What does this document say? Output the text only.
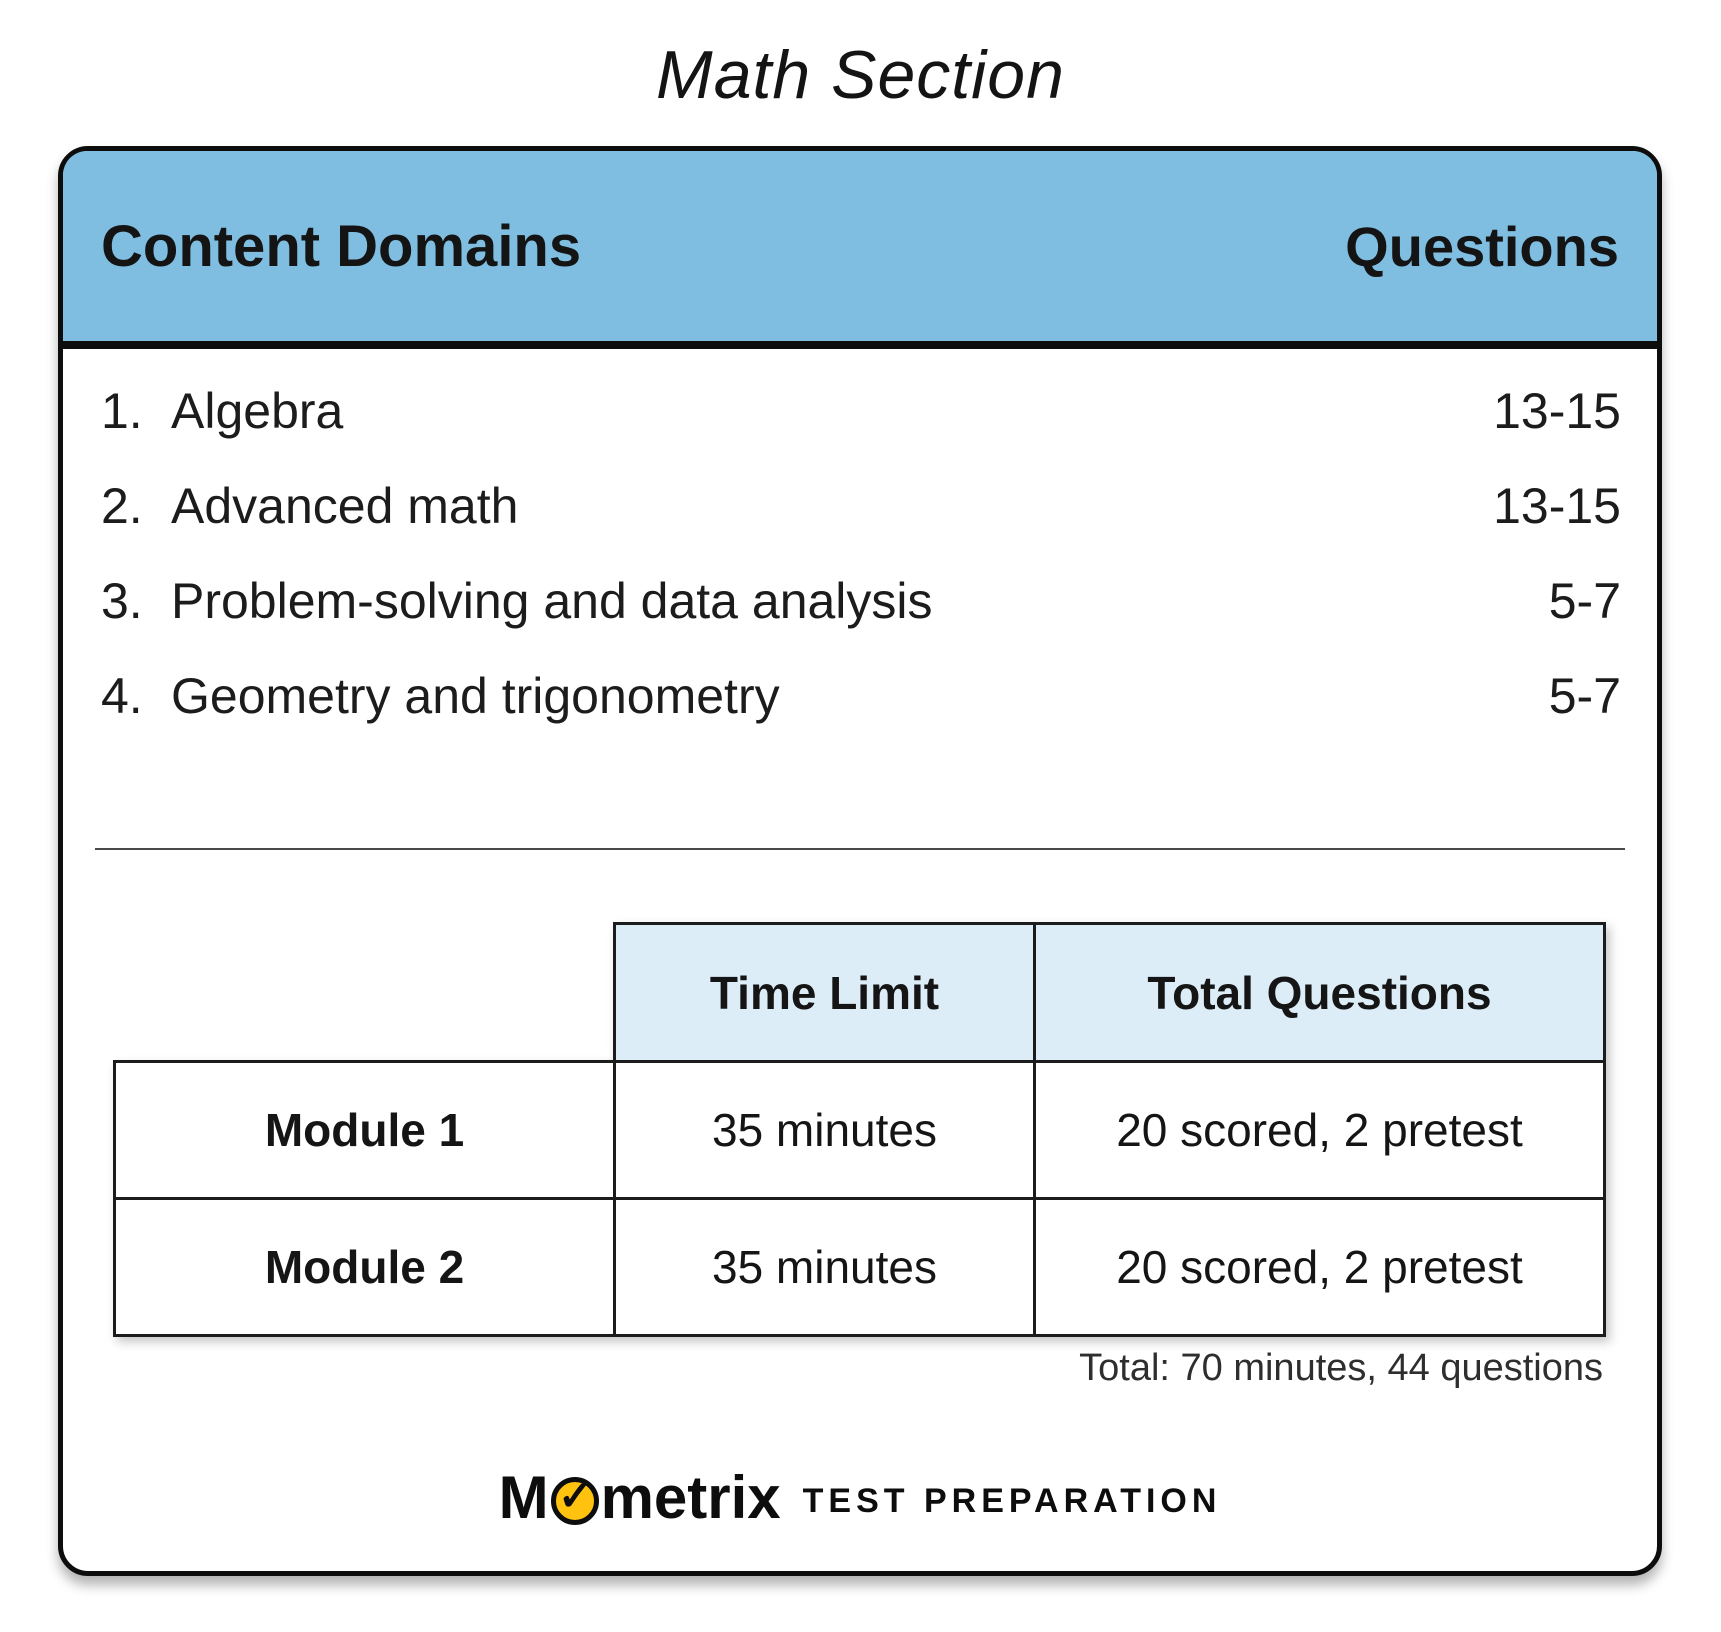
Math Section
Content Domains	Questions
1. Algebra	13-15
2. Advanced math	13-15
3. Problem-solving and data analysis	5-7
4. Geometry and trigonometry	5-7
	Time Limit	Total Questions
Module 1	35 minutes	20 scored, 2 pretest
Module 2	35 minutes	20 scored, 2 pretest
Total: 70 minutes, 44 questions
M ✓ metrix TEST PREPARATION
